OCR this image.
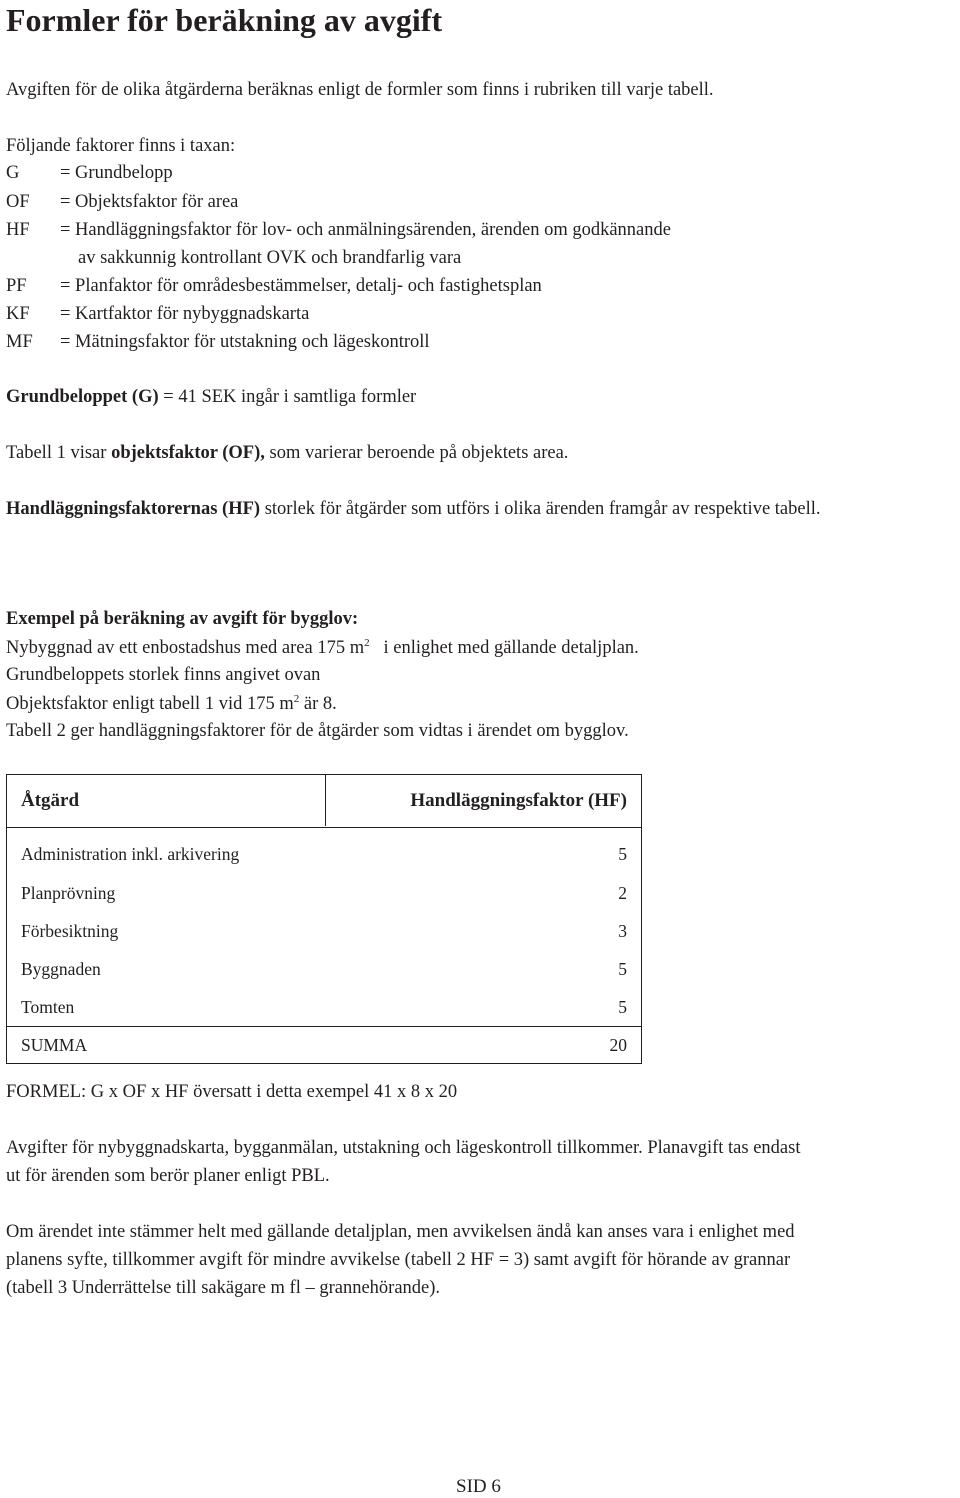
Formler för beräkning av avgift
Avgiften för de olika åtgärderna beräknas enligt de formler som finns i rubriken till varje tabell.
Följande faktorer finns i taxan:
G = Grundbelopp
OF = Objektsfaktor för area
HF = Handläggningsfaktor för lov- och anmälningsärenden, ärenden om godkännande
av sakkunnig kontrollant OVK och brandfarlig vara
PF = Planfaktor för områdesbestämmelser, detalj- och fastighetsplan
KF = Kartfaktor för nybyggnadskarta
MF = Mätningsfaktor för utstakning och lägeskontroll
Grundbeloppet (G) = 41 SEK ingår i samtliga formler
Tabell 1 visar objektsfaktor (OF), som varierar beroende på objektets area.
Handläggningsfaktorernas (HF) storlek för åtgärder som utförs i olika ärenden framgår av respektive tabell.
Exempel på beräkning av avgift för bygglov:
Nybyggnad av ett enbostadshus med area 175 $m^2$   i enlighet med gällande detaljplan.
Grundbeloppets storlek finns angivet ovan
Objektsfaktor enligt tabell 1 vid 175 $m^2$ är 8.
Tabell 2 ger handläggningsfaktorer för de åtgärder som vidtas i ärendet om bygglov.
Åtgärd	Handläggningsfaktor (HF)
Administration inkl. arkivering	5
Planprövning	2
Förbesiktning	3
Byggnaden	5
Tomten	5
SUMMA	20
FORMEL: G x OF x HF översatt i detta exempel 41 x 8 x 20
Avgifter för nybyggnadskarta, bygganmälan, utstakning och lägeskontroll tillkommer. Planavgift tas endast
ut för ärenden som berör planer enligt PBL.
Om ärendet inte stämmer helt med gällande detaljplan, men avvikelsen ändå kan anses vara i enlighet med
planens syfte, tillkommer avgift för mindre avvikelse (tabell 2 HF = 3) samt avgift för hörande av grannar
(tabell 3 Underrättelse till sakägare m fl – grannehörande).
SID 6
